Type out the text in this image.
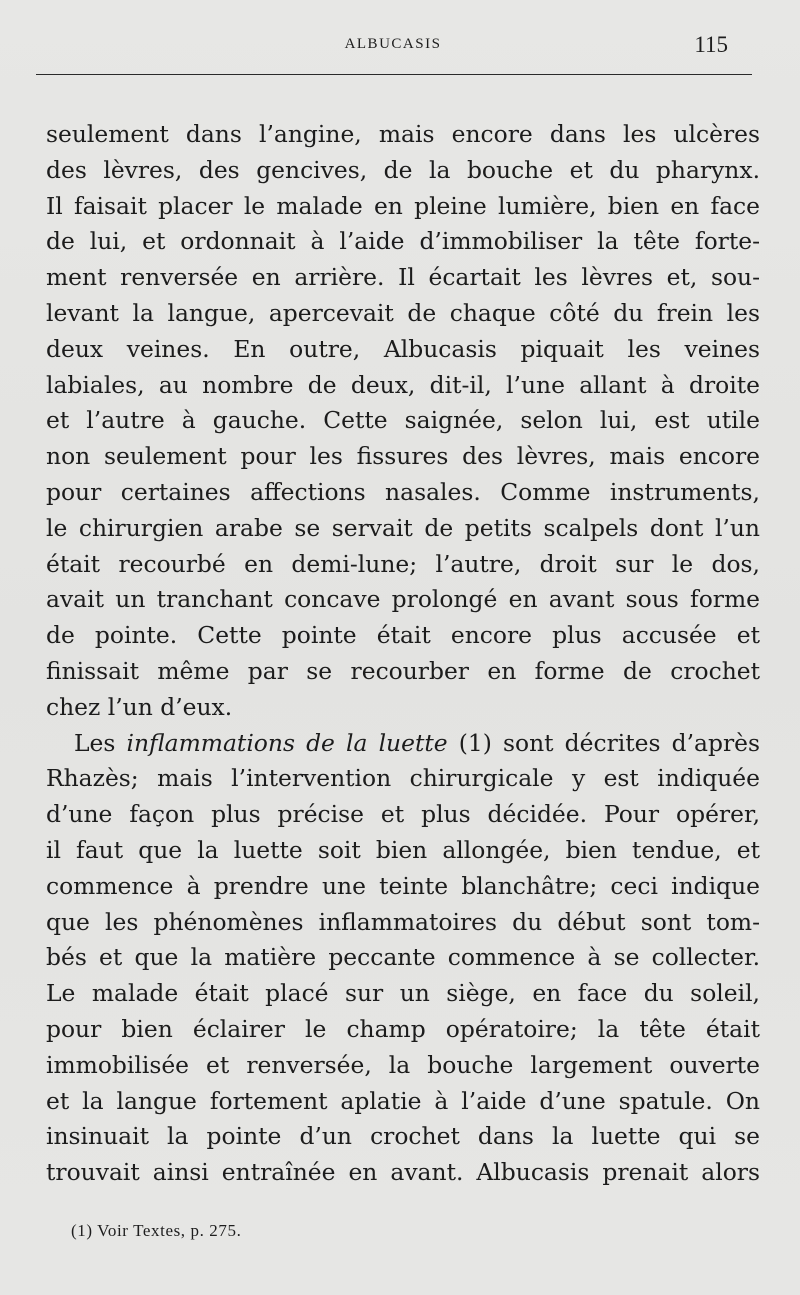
ALBUCASIS	115
seulement dans l’angine, mais encore dans les ulcères
des lèvres, des gencives, de la bouche et du pharynx.
Il faisait placer le malade en pleine lumière, bien en face
de lui, et ordonnait à l’aide d’immobiliser la tête forte-
ment renversée en arrière. Il écartait les lèvres et, sou-
levant la langue, apercevait de chaque côté du frein les
deux veines. En outre, Albucasis piquait les veines
labiales, au nombre de deux, dit-il, l’une allant à droite
et l’autre à gauche. Cette saignée, selon lui, est utile
non seulement pour les fissures des lèvres, mais encore
pour certaines affections nasales. Comme instruments,
le chirurgien arabe se servait de petits scalpels dont l’un
était recourbé en demi-lune; l’autre, droit sur le dos,
avait un tranchant concave prolongé en avant sous forme
de pointe. Cette pointe était encore plus accusée et
finissait même par se recourber en forme de crochet
chez l’un d’eux.
Les inflammations de la luette (1) sont décrites d’après
Rhazès; mais l’intervention chirurgicale y est indiquée
d’une façon plus précise et plus décidée. Pour opérer,
il faut que la luette soit bien allongée, bien tendue, et
commence à prendre une teinte blanchâtre; ceci indique
que les phénomènes inflammatoires du début sont tom-
bés et que la matière peccante commence à se collecter.
Le malade était placé sur un siège, en face du soleil,
pour bien éclairer le champ opératoire; la tête était
immobilisée et renversée, la bouche largement ouverte
et la langue fortement aplatie à l’aide d’une spatule. On
insinuait la pointe d’un crochet dans la luette qui se
trouvait ainsi entraînée en avant. Albucasis prenait alors
(1) Voir Textes, p. 275.
